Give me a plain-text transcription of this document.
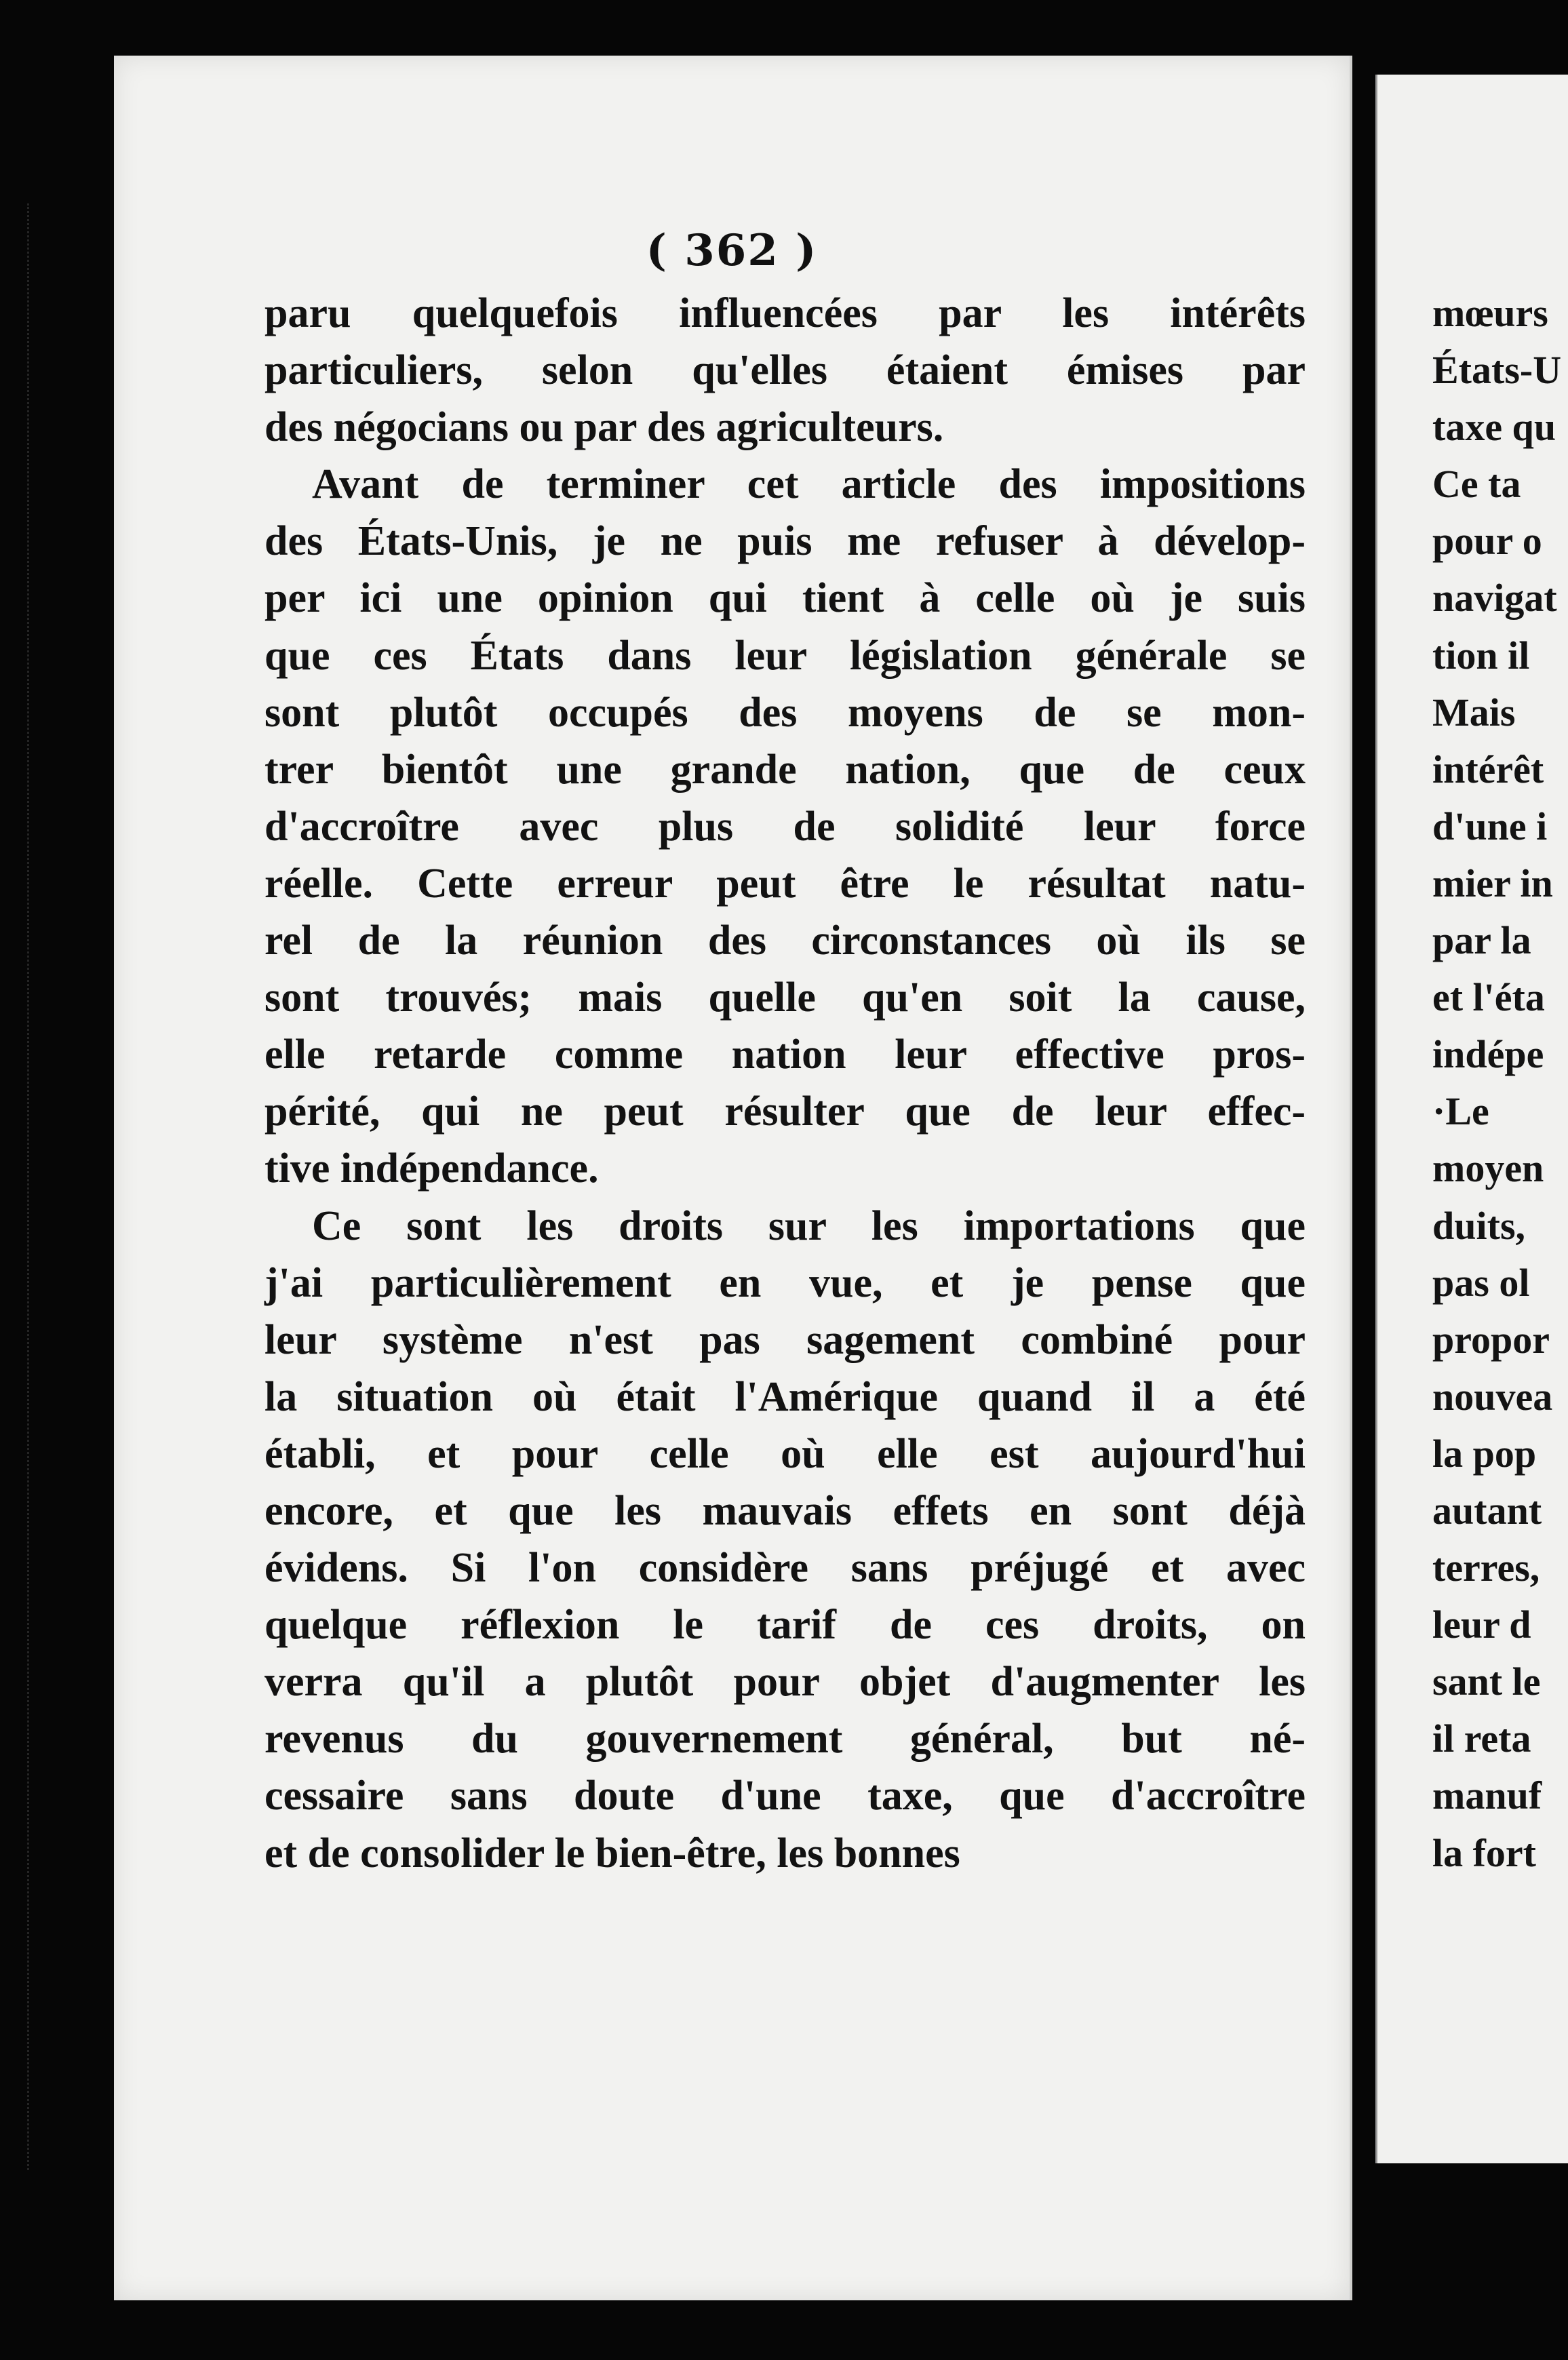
( 362 )

paru quelquefois influencées par les intérêts
particuliers, selon qu'elles étaient émises par
des négocians ou par des agriculteurs.

Avant de terminer cet article des impositions
des États-Unis, je ne puis me refuser à dévelop-
per ici une opinion qui tient à celle où je suis
que ces États dans leur législation générale se
sont plutôt occupés des moyens de se mon-
trer bientôt une grande nation, que de ceux
d'accroître avec plus de solidité leur force
réelle. Cette erreur peut être le résultat natu-
rel de la réunion des circonstances où ils se
sont trouvés; mais quelle qu'en soit la cause,
elle retarde comme nation leur effective pros-
périté, qui ne peut résulter que de leur effec-
tive indépendance.

Ce sont les droits sur les importations que
j'ai particulièrement en vue, et je pense que
leur système n'est pas sagement combiné pour
la situation où était l'Amérique quand il a été
établi, et pour celle où elle est aujourd'hui
encore, et que les mauvais effets en sont déjà
évidens. Si l'on considère sans préjugé et avec
quelque réflexion le tarif de ces droits, on
verra qu'il a plutôt pour objet d'augmenter les
revenus du gouvernement général, but né-
cessaire sans doute d'une taxe, que d'accroître
et de consolider le bien-être, les bonnes

mœurs
États-U
taxe qu
Ce ta
pour o
navigat
tion il
Mais
intérêt
d'une i
mier in
par la
et l'éta
indépe
·Le
moyen
duits,
pas ol
propor
nouvea
la pop
autant
terres,
leur d
sant le
il reta
manuf
la fort
